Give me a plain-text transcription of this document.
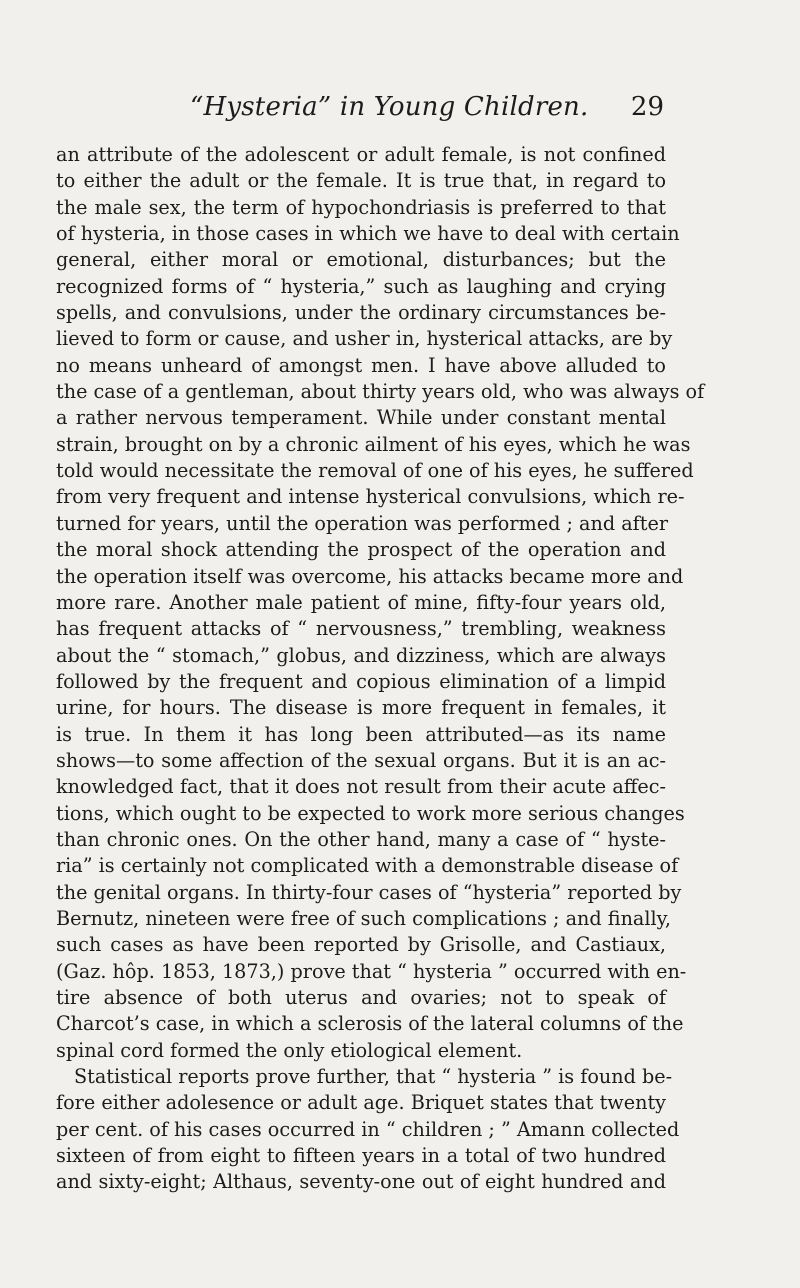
“Hysteria” in Young Children.	29
an attribute of the adolescent or adult female, is not confined
to either the adult or the female. It is true that, in regard to
the male sex, the term of hypochondriasis is preferred to that
of hysteria, in those cases in which we have to deal with certain
general, either moral or emotional, disturbances; but the
recognized forms of “ hysteria,” such as laughing and crying
spells, and convulsions, under the ordinary circumstances be-
lieved to form or cause, and usher in, hysterical attacks, are by
no means unheard of amongst men. I have above alluded to
the case of a gentleman, about thirty years old, who was always of
a rather nervous temperament. While under constant mental
strain, brought on by a chronic ailment of his eyes, which he was
told would necessitate the removal of one of his eyes, he suffered
from very frequent and intense hysterical convulsions, which re-
turned for years, until the operation was performed ; and after
the moral shock attending the prospect of the operation and
the operation itself was overcome, his attacks became more and
more rare. Another male patient of mine, fifty-four years old,
has frequent attacks of “ nervousness,” trembling, weakness
about the “ stomach,” globus, and dizziness, which are always
followed by the frequent and copious elimination of a limpid
urine, for hours. The disease is more frequent in females, it
is true. In them it has long been attributed—as its name
shows—to some affection of the sexual organs. But it is an ac-
knowledged fact, that it does not result from their acute affec-
tions, which ought to be expected to work more serious changes
than chronic ones. On the other hand, many a case of “ hyste-
ria” is certainly not complicated with a demonstrable disease of
the genital organs. In thirty-four cases of “hysteria” reported by
Bernutz, nineteen were free of such complications ; and finally,
such cases as have been reported by Grisolle, and Castiaux,
(Gaz. hôp. 1853, 1873,) prove that “ hysteria ” occurred with en-
tire absence of both uterus and ovaries; not to speak of
Charcot’s case, in which a sclerosis of the lateral columns of the
spinal cord formed the only etiological element.
Statistical reports prove further, that “ hysteria ” is found be-
fore either adolesence or adult age. Briquet states that twenty
per cent. of his cases occurred in “ children ; ” Amann collected
sixteen of from eight to fifteen years in a total of two hundred
and sixty-eight; Althaus, seventy-one out of eight hundred and
